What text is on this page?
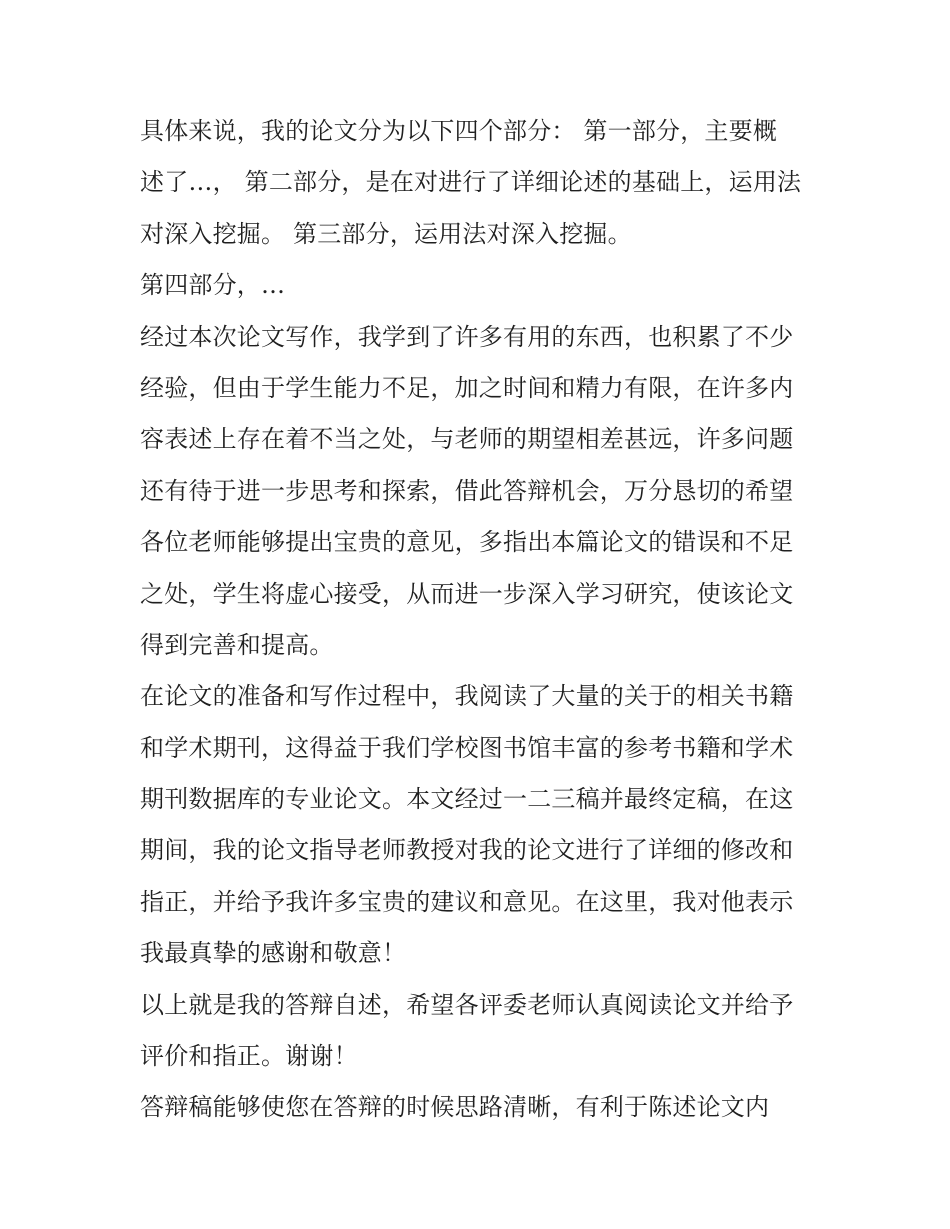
具体来说，我的论文分为以下四个部分： 第一部分，主要概
述了…， 第二部分，是在对进行了详细论述的基础上，运用法
对深入挖掘。 第三部分，运用法对深入挖掘。
第四部分，…
经过本次论文写作，我学到了许多有用的东西，也积累了不少
经验，但由于学生能力不足，加之时间和精力有限，在许多内
容表述上存在着不当之处，与老师的期望相差甚远，许多问题
还有待于进一步思考和探索，借此答辩机会，万分恳切的希望
各位老师能够提出宝贵的意见，多指出本篇论文的错误和不足
之处，学生将虚心接受，从而进一步深入学习研究，使该论文
得到完善和提高。
在论文的准备和写作过程中，我阅读了大量的关于的相关书籍
和学术期刊，这得益于我们学校图书馆丰富的参考书籍和学术
期刊数据库的专业论文。本文经过一二三稿并最终定稿，在这
期间，我的论文指导老师教授对我的论文进行了详细的修改和
指正，并给予我许多宝贵的建议和意见。在这里，我对他表示
我最真挚的感谢和敬意！
以上就是我的答辩自述，希望各评委老师认真阅读论文并给予
评价和指正。谢谢！
答辩稿能够使您在答辩的时候思路清晰，有利于陈述论文内
